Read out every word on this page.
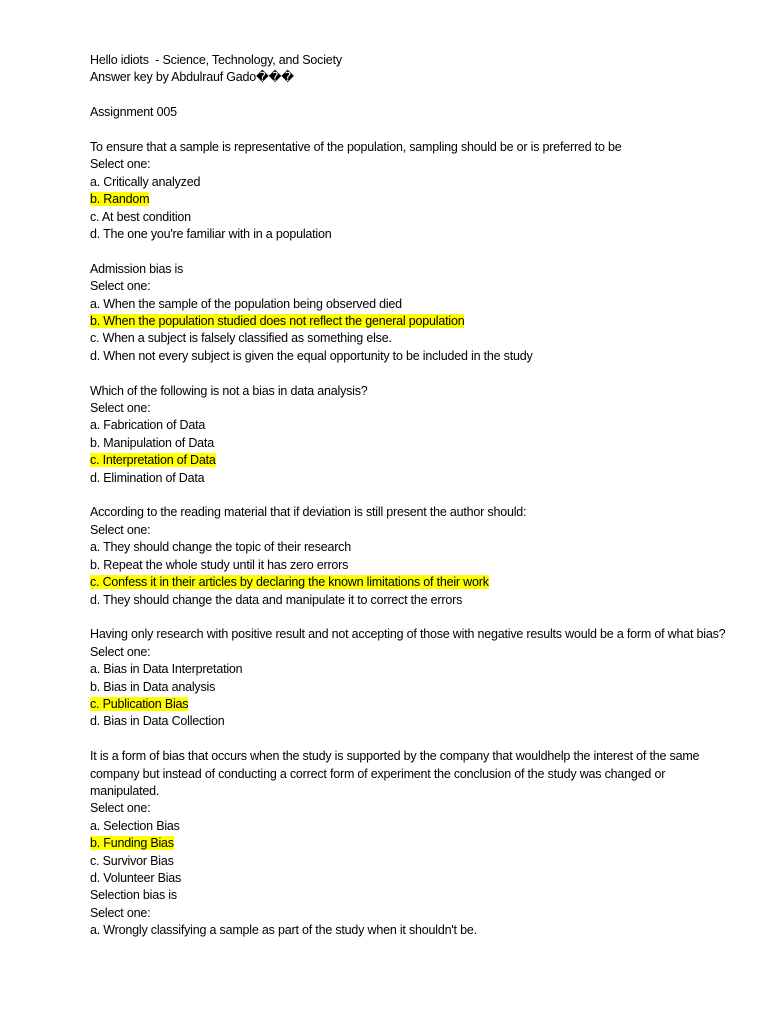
Hello idiots  - Science, Technology, and Society
Answer key by Abdulrauf Gado���
Assignment 005
To ensure that a sample is representative of the population, sampling should be or is preferred to be
Select one:
a. Critically analyzed
b. Random
c. At best condition
d. The one you're familiar with in a population
Admission bias is
Select one:
a. When the sample of the population being observed died
b. When the population studied does not reflect the general population
c. When a subject is falsely classified as something else.
d. When not every subject is given the equal opportunity to be included in the study
Which of the following is not a bias in data analysis?
Select one:
a. Fabrication of Data
b. Manipulation of Data
c. Interpretation of Data
d. Elimination of Data
According to the reading material that if deviation is still present the author should:
Select one:
a. They should change the topic of their research
b. Repeat the whole study until it has zero errors
c. Confess it in their articles by declaring the known limitations of their work
d. They should change the data and manipulate it to correct the errors
Having only research with positive result and not accepting of those with negative results would be a form of what bias?
Select one:
a. Bias in Data Interpretation
b. Bias in Data analysis
c. Publication Bias
d. Bias in Data Collection
It is a form of bias that occurs when the study is supported by the company that wouldhelp the interest of the same company but instead of conducting a correct form of experiment the conclusion of the study was changed or manipulated.
Select one:
a. Selection Bias
b. Funding Bias
c. Survivor Bias
d. Volunteer Bias
Selection bias is
Select one:
a. Wrongly classifying a sample as part of the study when it shouldn't be.
